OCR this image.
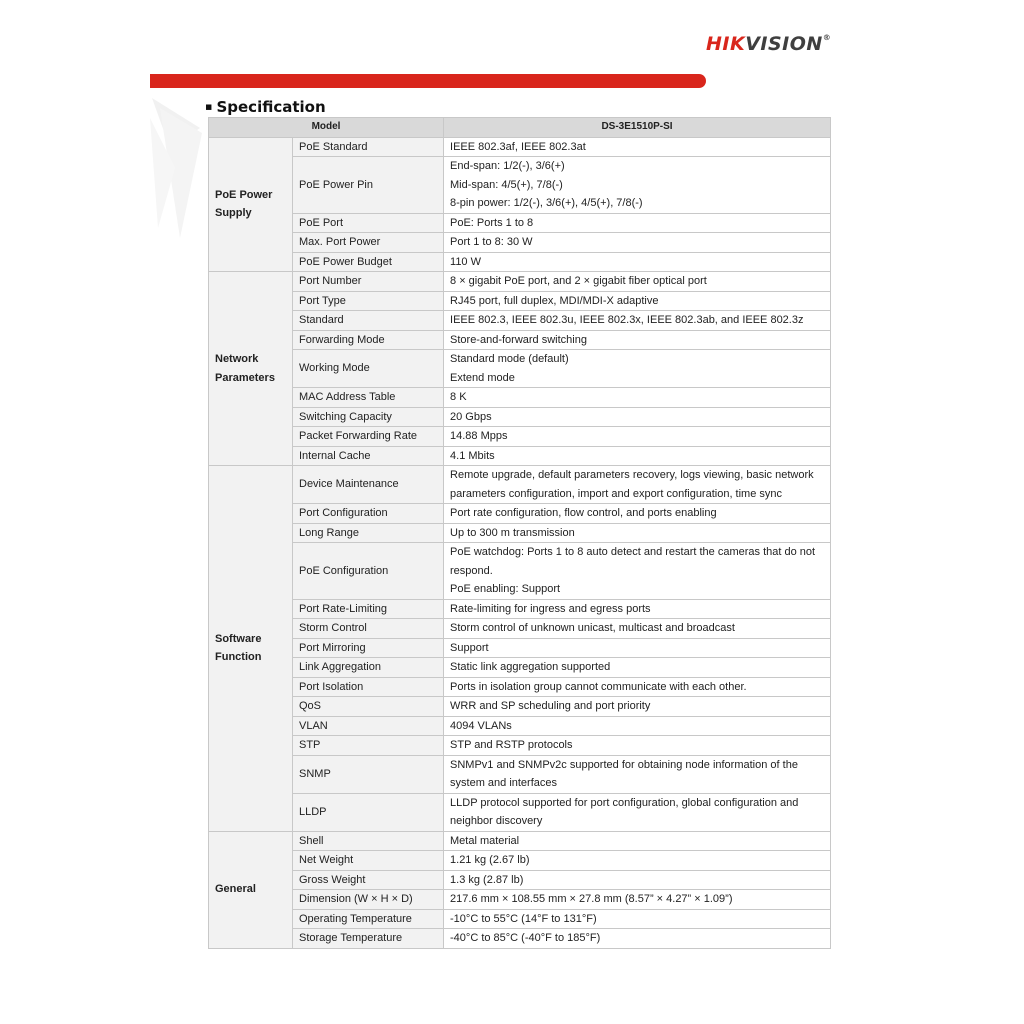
HIKVISION®
▪ Specification
Model		DS-3E1510P-SI
PoE Power Supply	PoE Standard	IEEE 802.3af, IEEE 802.3at

	PoE Power Pin	End-span: 1/2(-), 3/6(+)
Mid-span: 4/5(+), 7/8(-)
8-pin power: 1/2(-), 3/6(+), 4/5(+), 7/8(-)

	PoE Port	PoE: Ports 1 to 8

	Max. Port Power	Port 1 to 8: 30 W

	PoE Power Budget	110 W

Network Parameters	Port Number	8 × gigabit PoE port, and 2 × gigabit fiber optical port

	Port Type	RJ45 port, full duplex, MDI/MDI-X adaptive

	Standard	IEEE 802.3, IEEE 802.3u, IEEE 802.3x, IEEE 802.3ab, and IEEE 802.3z

	Forwarding Mode	Store-and-forward switching

	Working Mode	Standard mode (default)
Extend mode

	MAC Address Table	8 K

	Switching Capacity	20 Gbps

	Packet Forwarding Rate	14.88 Mpps

	Internal Cache	4.1 Mbits

Software Function	Device Maintenance	Remote upgrade, default parameters recovery, logs viewing, basic network
parameters configuration, import and export configuration, time sync

	Port Configuration	Port rate configuration, flow control, and ports enabling

	Long Range	Up to 300 m transmission

	PoE Configuration	PoE watchdog: Ports 1 to 8 auto detect and restart the cameras that do not
respond.
PoE enabling: Support

	Port Rate-Limiting	Rate-limiting for ingress and egress ports

	Storm Control	Storm control of unknown unicast, multicast and broadcast

	Port Mirroring	Support

	Link Aggregation	Static link aggregation supported

	Port Isolation	Ports in isolation group cannot communicate with each other.

	QoS	WRR and SP scheduling and port priority

	VLAN	4094 VLANs

	STP	STP and RSTP protocols

	SNMP	SNMPv1 and SNMPv2c supported for obtaining node information of the
system and interfaces

	LLDP	LLDP protocol supported for port configuration, global configuration and
neighbor discovery

General	Shell	Metal material

	Net Weight	1.21 kg (2.67 lb)

	Gross Weight	1.3 kg (2.87 lb)

	Dimension (W × H × D)	217.6 mm × 108.55 mm × 27.8 mm (8.57” × 4.27” × 1.09”)

	Operating Temperature	-10°C to 55°C (14°F to 131°F)

	Storage Temperature	-40°C to 85°C (-40°F to 185°F)
